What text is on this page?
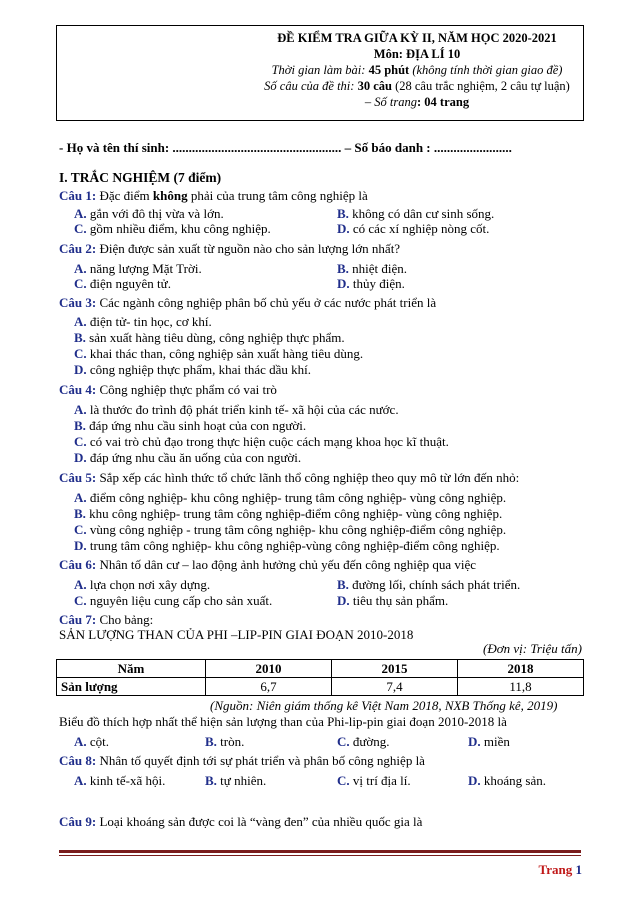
ĐỀ KIỂM TRA GIỮA KỲ II, NĂM HỌC 2020-2021
Môn: ĐỊA LÍ 10
Thời gian làm bài: 45 phút (không tính thời gian giao đề)
Số câu của đề thi: 30 câu (28 câu trắc nghiệm, 2 câu tự luận)
– Số trang: 04 trang
- Họ và tên thí sinh: .................................................... – Số báo danh : ........................
I. TRẮC NGHIỆM (7 điểm)
Câu 1: Đặc điểm không phải của trung tâm công nghiệp là
A. gắn với đô thị vừa và lớn.	B. không có dân cư sinh sống.
C. gồm nhiều điểm, khu công nghiệp.	D. có các xí nghiệp nòng cốt.
Câu 2: Điện được sản xuất từ nguồn nào cho sản lượng lớn nhất?
A. năng lượng Mặt Trời.	B. nhiệt điện.
C. điện nguyên tử.	D. thủy điện.
Câu 3: Các ngành công nghiệp phân bố chủ yếu ở các nước phát triển là
A. điện tử- tin học, cơ khí.
B. sản xuất hàng tiêu dùng, công nghiệp thực phẩm.
C. khai thác than, công nghiệp sản xuất hàng tiêu dùng.
D. công nghiệp thực phẩm, khai thác dầu khí.
Câu 4: Công nghiệp thực phẩm có vai trò
A. là thước đo trình độ phát triển kinh tế- xã hội của các nước.
B. đáp ứng nhu cầu sinh hoạt của con người.
C. có vai trò chủ đạo trong thực hiện cuộc cách mạng khoa học kĩ thuật.
D. đáp ứng nhu cầu ăn uống của con người.
Câu 5: Sắp xếp các hình thức tổ chức lãnh thổ công nghiệp theo quy mô từ lớn đến nhỏ:
A. điểm công nghiệp- khu công nghiệp- trung tâm công nghiệp- vùng công nghiệp.
B. khu công nghiệp- trung tâm công nghiệp-điểm công nghiệp- vùng công nghiệp.
C. vùng công nghiệp - trung tâm công nghiệp- khu công nghiệp-điểm công nghiệp.
D. trung tâm công nghiệp- khu công nghiệp-vùng công nghiệp-điểm công nghiệp.
Câu 6: Nhân tố dân cư – lao động ảnh hưởng chủ yếu đến công nghiệp qua việc
A. lựa chọn nơi xây dựng.	B. đường lối, chính sách phát triển.
C. nguyên liệu cung cấp cho sản xuất.	D. tiêu thụ sản phẩm.
Câu 7: Cho bảng:
SẢN LƯỢNG THAN CỦA PHI –LIP-PIN GIAI ĐOẠN 2010-2018
(Đơn vị: Triệu tấn)
Năm	2010	2015	2018
Sản lượng	6,7	7,4	11,8
(Nguồn: Niên giám thống kê Việt Nam 2018, NXB Thống kê, 2019)
Biểu đồ thích hợp nhất thể hiện sản lượng than của Phi-lip-pin giai đoạn 2010-2018 là
A. cột.	B. tròn.	C. đường.	D. miền
Câu 8: Nhân tố quyết định tới sự phát triển và phân bố công nghiệp là
A. kinh tế-xã hội.	B. tự nhiên.	C. vị trí địa lí.	D. khoáng sản.
Câu 9: Loại khoáng sản được coi là “vàng đen” của nhiều quốc gia là
Trang 1
